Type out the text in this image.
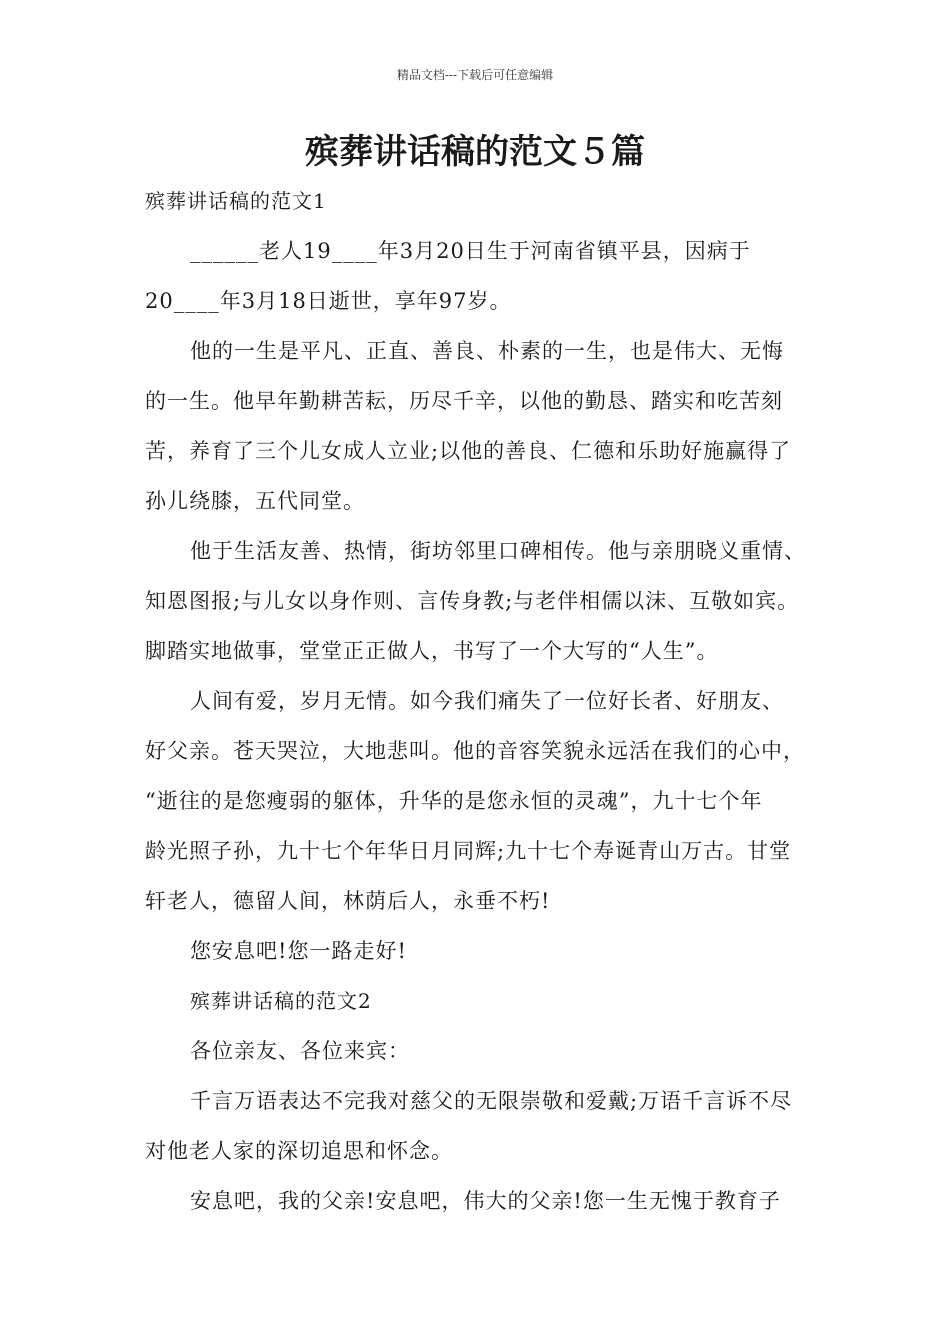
精品文档---下载后可任意编辑
殡葬讲话稿的范文５篇
殡葬讲话稿的范文1
______老人19____年3月20日生于河南省镇平县，因病于
20____年3月18日逝世，享年97岁。
他的一生是平凡、正直、善良、朴素的一生，也是伟大、无悔
的一生。他早年勤耕苦耘，历尽千辛，以他的勤恳、踏实和吃苦刻
苦，养育了三个儿女成人立业;以他的善良、仁德和乐助好施赢得了
孙儿绕膝，五代同堂。
他于生活友善、热情，街坊邻里口碑相传。他与亲朋晓义重情、
知恩图报;与儿女以身作则、言传身教;与老伴相儒以沫、互敬如宾。
脚踏实地做事，堂堂正正做人，书写了一个大写的“人生”。
人间有爱，岁月无情。如今我们痛失了一位好长者、好朋友、
好父亲。苍天哭泣，大地悲叫。他的音容笑貌永远活在我们的心中，
“逝往的是您瘦弱的躯体，升华的是您永恒的灵魂”，九十七个年
龄光照子孙，九十七个年华日月同辉;九十七个寿诞青山万古。甘堂
轩老人，德留人间，林荫后人，永垂不朽!
您安息吧!您一路走好!
殡葬讲话稿的范文2
各位亲友、各位来宾：
千言万语表达不完我对慈父的无限崇敬和爱戴;万语千言诉不尽
对他老人家的深切追思和怀念。
安息吧，我的父亲!安息吧，伟大的父亲!您一生无愧于教育子
